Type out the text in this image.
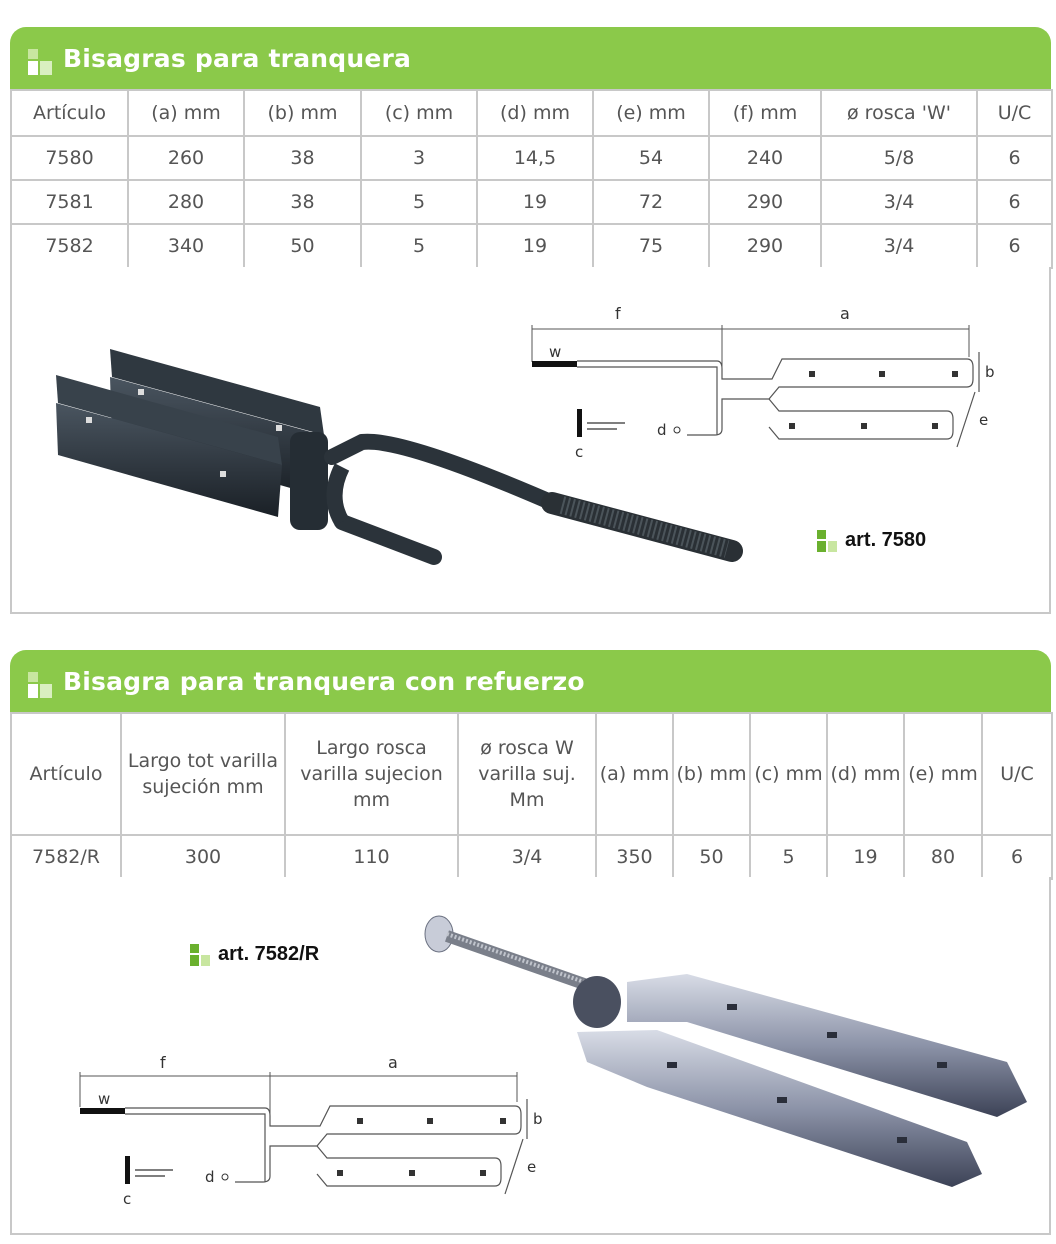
Bisagras para tranquera
Artículo	(a) mm	(b) mm	(c) mm	(d) mm	(e) mm	(f) mm	ø rosca 'W'	U/C
7580	260	38	3	14,5	54	240	5/8	6
7581	280	38	5	19	72	290	3/4	6
7582	340	50	5	19	75	290	3/4	6
f	a
w
b
e
d
c
art. 7580
Bisagra para tranquera con refuerzo
Artículo	Largo tot varilla sujeción mm	Largo rosca varilla sujecion mm	ø rosca W varilla suj. Mm	(a) mm	(b) mm	(c) mm	(d) mm	(e) mm	U/C
7582/R	300	110	3/4	350	50	5	19	80	6
art. 7582/R
f	a
w
b
e
d
c
